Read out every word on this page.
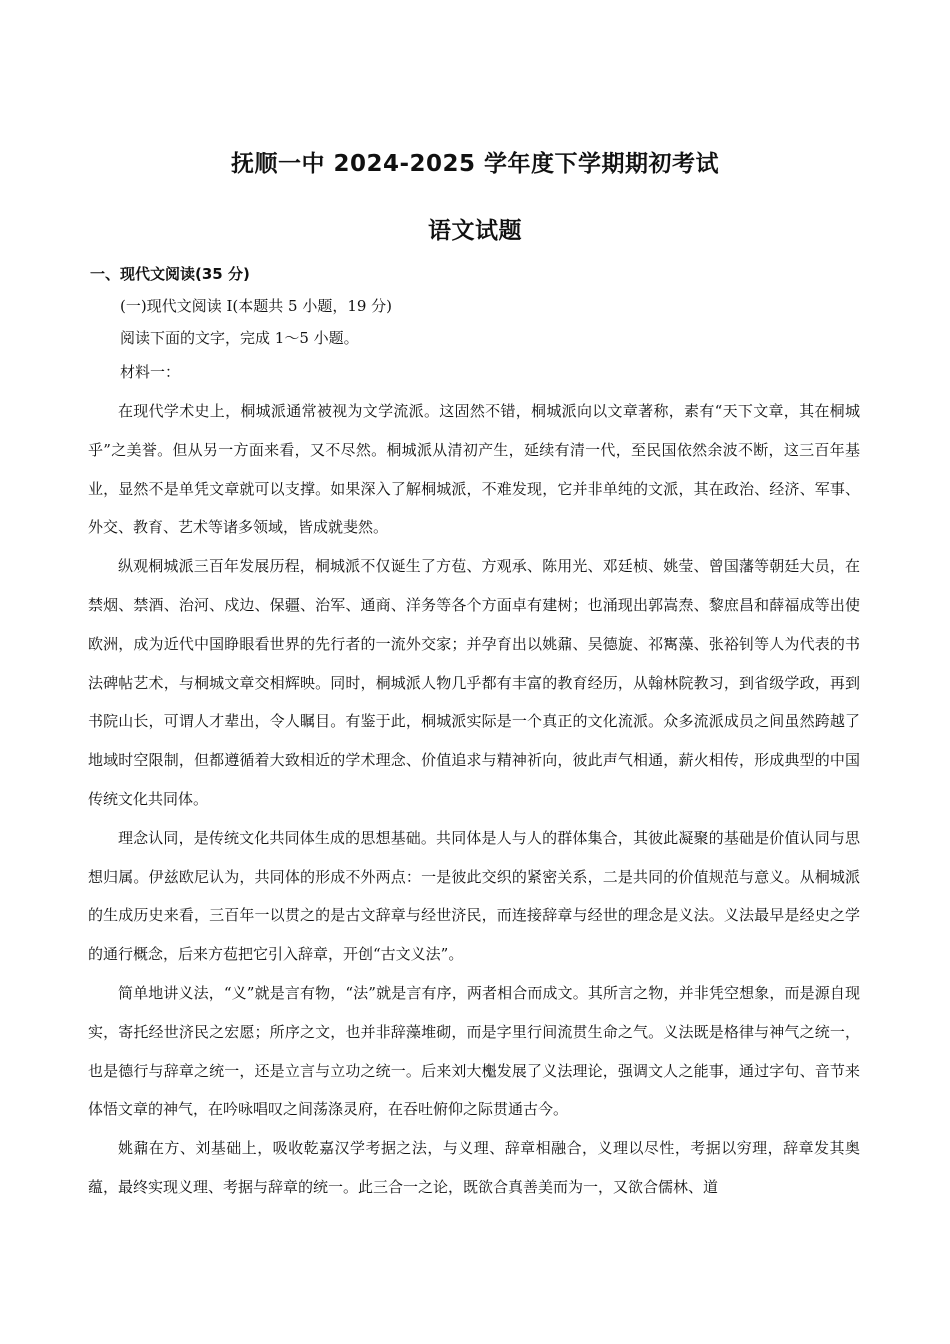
抚顺一中 2024-2025 学年度下学期期初考试
语文试题
一、现代文阅读(35 分)
(一)现代文阅读 I(本题共 5 小题，19 分)
阅读下面的文字，完成 1～5 小题。
材料一：

在现代学术史上，桐城派通常被视为文学流派。这固然不错，桐城派向以文章著称，素有“天下文章，其在桐城乎”之美誉。但从另一方面来看，又不尽然。桐城派从清初产生，延续有清一代，至民国依然余波不断，这三百年基业，显然不是单凭文章就可以支撑。如果深入了解桐城派，不难发现，它并非单纯的文派，其在政治、经济、军事、外交、教育、艺术等诸多领域，皆成就斐然。

纵观桐城派三百年发展历程，桐城派不仅诞生了方苞、方观承、陈用光、邓廷桢、姚莹、曾国藩等朝廷大员，在禁烟、禁酒、治河、戍边、保疆、治军、通商、洋务等各个方面卓有建树；也涌现出郭嵩焘、黎庶昌和薛福成等出使欧洲，成为近代中国睁眼看世界的先行者的一流外交家；并孕育出以姚鼐、吴德旋、祁寯藻、张裕钊等人为代表的书法碑帖艺术，与桐城文章交相辉映。同时，桐城派人物几乎都有丰富的教育经历，从翰林院教习，到省级学政，再到书院山长，可谓人才辈出，令人瞩目。有鉴于此，桐城派实际是一个真正的文化流派。众多流派成员之间虽然跨越了地域时空限制，但都遵循着大致相近的学术理念、价值追求与精神祈向，彼此声气相通，薪火相传，形成典型的中国传统文化共同体。

理念认同，是传统文化共同体生成的思想基础。共同体是人与人的群体集合，其彼此凝聚的基础是价值认同与思想归属。伊兹欧尼认为，共同体的形成不外两点：一是彼此交织的紧密关系，二是共同的价值规范与意义。从桐城派的生成历史来看，三百年一以贯之的是古文辞章与经世济民，而连接辞章与经世的理念是义法。义法最早是经史之学的通行概念，后来方苞把它引入辞章，开创“古文义法”。

简单地讲义法，“义”就是言有物，“法”就是言有序，两者相合而成文。其所言之物，并非凭空想象，而是源自现实，寄托经世济民之宏愿；所序之文，也并非辞藻堆砌，而是字里行间流贯生命之气。义法既是格律与神气之统一，也是德行与辞章之统一，还是立言与立功之统一。后来刘大櫆发展了义法理论，强调文人之能事，通过字句、音节来体悟文章的神气，在吟咏唱叹之间荡涤灵府，在吞吐俯仰之际贯通古今。

姚鼐在方、刘基础上，吸收乾嘉汉学考据之法，与义理、辞章相融合，义理以尽性，考据以穷理，辞章发其奥蕴，最终实现义理、考据与辞章的统一。此三合一之论，既欲合真善美而为一，又欲合儒林、道
